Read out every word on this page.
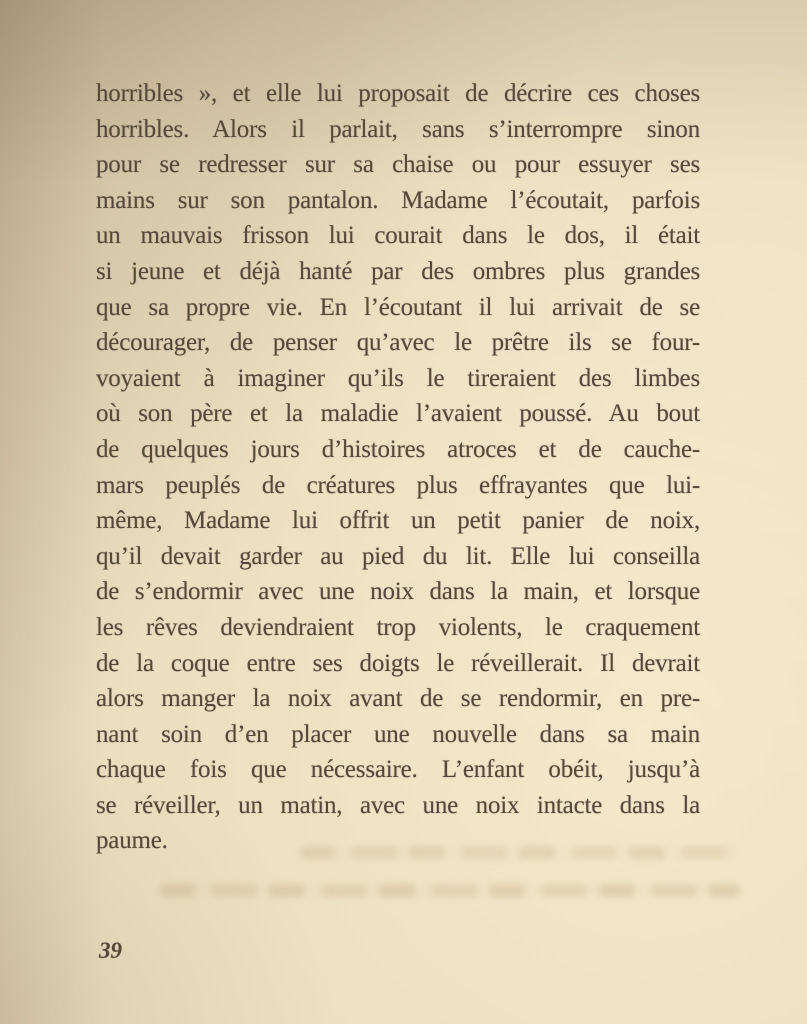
horribles », et elle lui proposait de décrire ces choses
horribles. Alors il parlait, sans s’interrompre sinon
pour se redresser sur sa chaise ou pour essuyer ses
mains sur son pantalon. Madame l’écoutait, parfois
un mauvais frisson lui courait dans le dos, il était
si jeune et déjà hanté par des ombres plus grandes
que sa propre vie. En l’écoutant il lui arrivait de se
décourager, de penser qu’avec le prêtre ils se four-
voyaient à imaginer qu’ils le tireraient des limbes
où son père et la maladie l’avaient poussé. Au bout
de quelques jours d’histoires atroces et de cauche-
mars peuplés de créatures plus effrayantes que lui-
même, Madame lui offrit un petit panier de noix,
qu’il devait garder au pied du lit. Elle lui conseilla
de s’endormir avec une noix dans la main, et lorsque
les rêves deviendraient trop violents, le craquement
de la coque entre ses doigts le réveillerait. Il devrait
alors manger la noix avant de se rendormir, en pre-
nant soin d’en placer une nouvelle dans sa main
chaque fois que nécessaire. L’enfant obéit, jusqu’à
se réveiller, un matin, avec une noix intacte dans la
paume.
39
